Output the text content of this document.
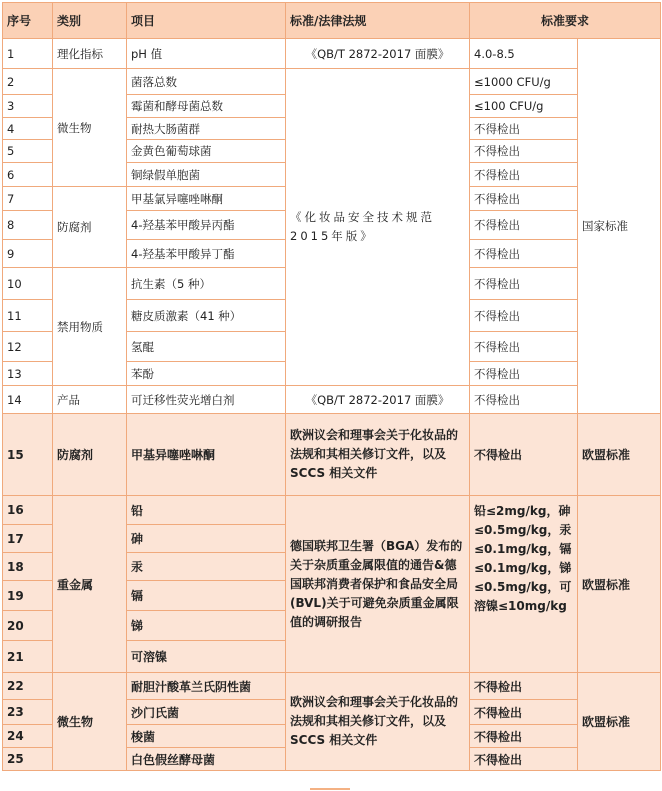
序号	类别	项目	标准/法律法规	标准要求	
1	理化指标	pH 值	《QB/T 2872-2017 面膜》	4.0-8.5	国家标准
2	微生物	菌落总数	《化妆品安全技术规范 2015年版》	≤1000 CFU/g	
3		霉菌和酵母菌总数		≤100 CFU/g	
4		耐热大肠菌群		不得检出	
5		金黄色葡萄球菌		不得检出	
6		铜绿假单胞菌		不得检出	
7	防腐剂	甲基氯异噻唑啉酮		不得检出	
8		4-羟基苯甲酸异丙酯		不得检出	
9		4-羟基苯甲酸异丁酯		不得检出	
10	禁用物质	抗生素（5 种）		不得检出	
11		糖皮质激素（41 种）		不得检出	
12		氢醌		不得检出	
13		苯酚		不得检出	
14	产品	可迁移性荧光增白剂	《QB/T 2872-2017 面膜》	不得检出	
15	防腐剂	甲基异噻唑啉酮	欧洲议会和理事会关于化妆品的法规和其相关修订文件，以及 SCCS 相关文件	不得检出	欧盟标准
16	重金属	铅	德国联邦卫生署（BGA）发布的关于杂质重金属限值的通告&德国联邦消费者保护和食品安全局(BVL)关于可避免杂质重金属限值的调研报告	铅≤2mg/kg，砷≤0.5mg/kg，汞≤0.1mg/kg，镉≤0.1mg/kg，锑≤0.5mg/kg，可溶镍≤10mg/kg	欧盟标准
17		砷			
18		汞			
19		镉			
20		锑			
21		可溶镍			
22	微生物	耐胆汁酸革兰氏阴性菌	欧洲议会和理事会关于化妆品的法规和其相关修订文件，以及 SCCS 相关文件	不得检出	欧盟标准
23		沙门氏菌		不得检出	
24		梭菌		不得检出	
25		白色假丝酵母菌		不得检出	
